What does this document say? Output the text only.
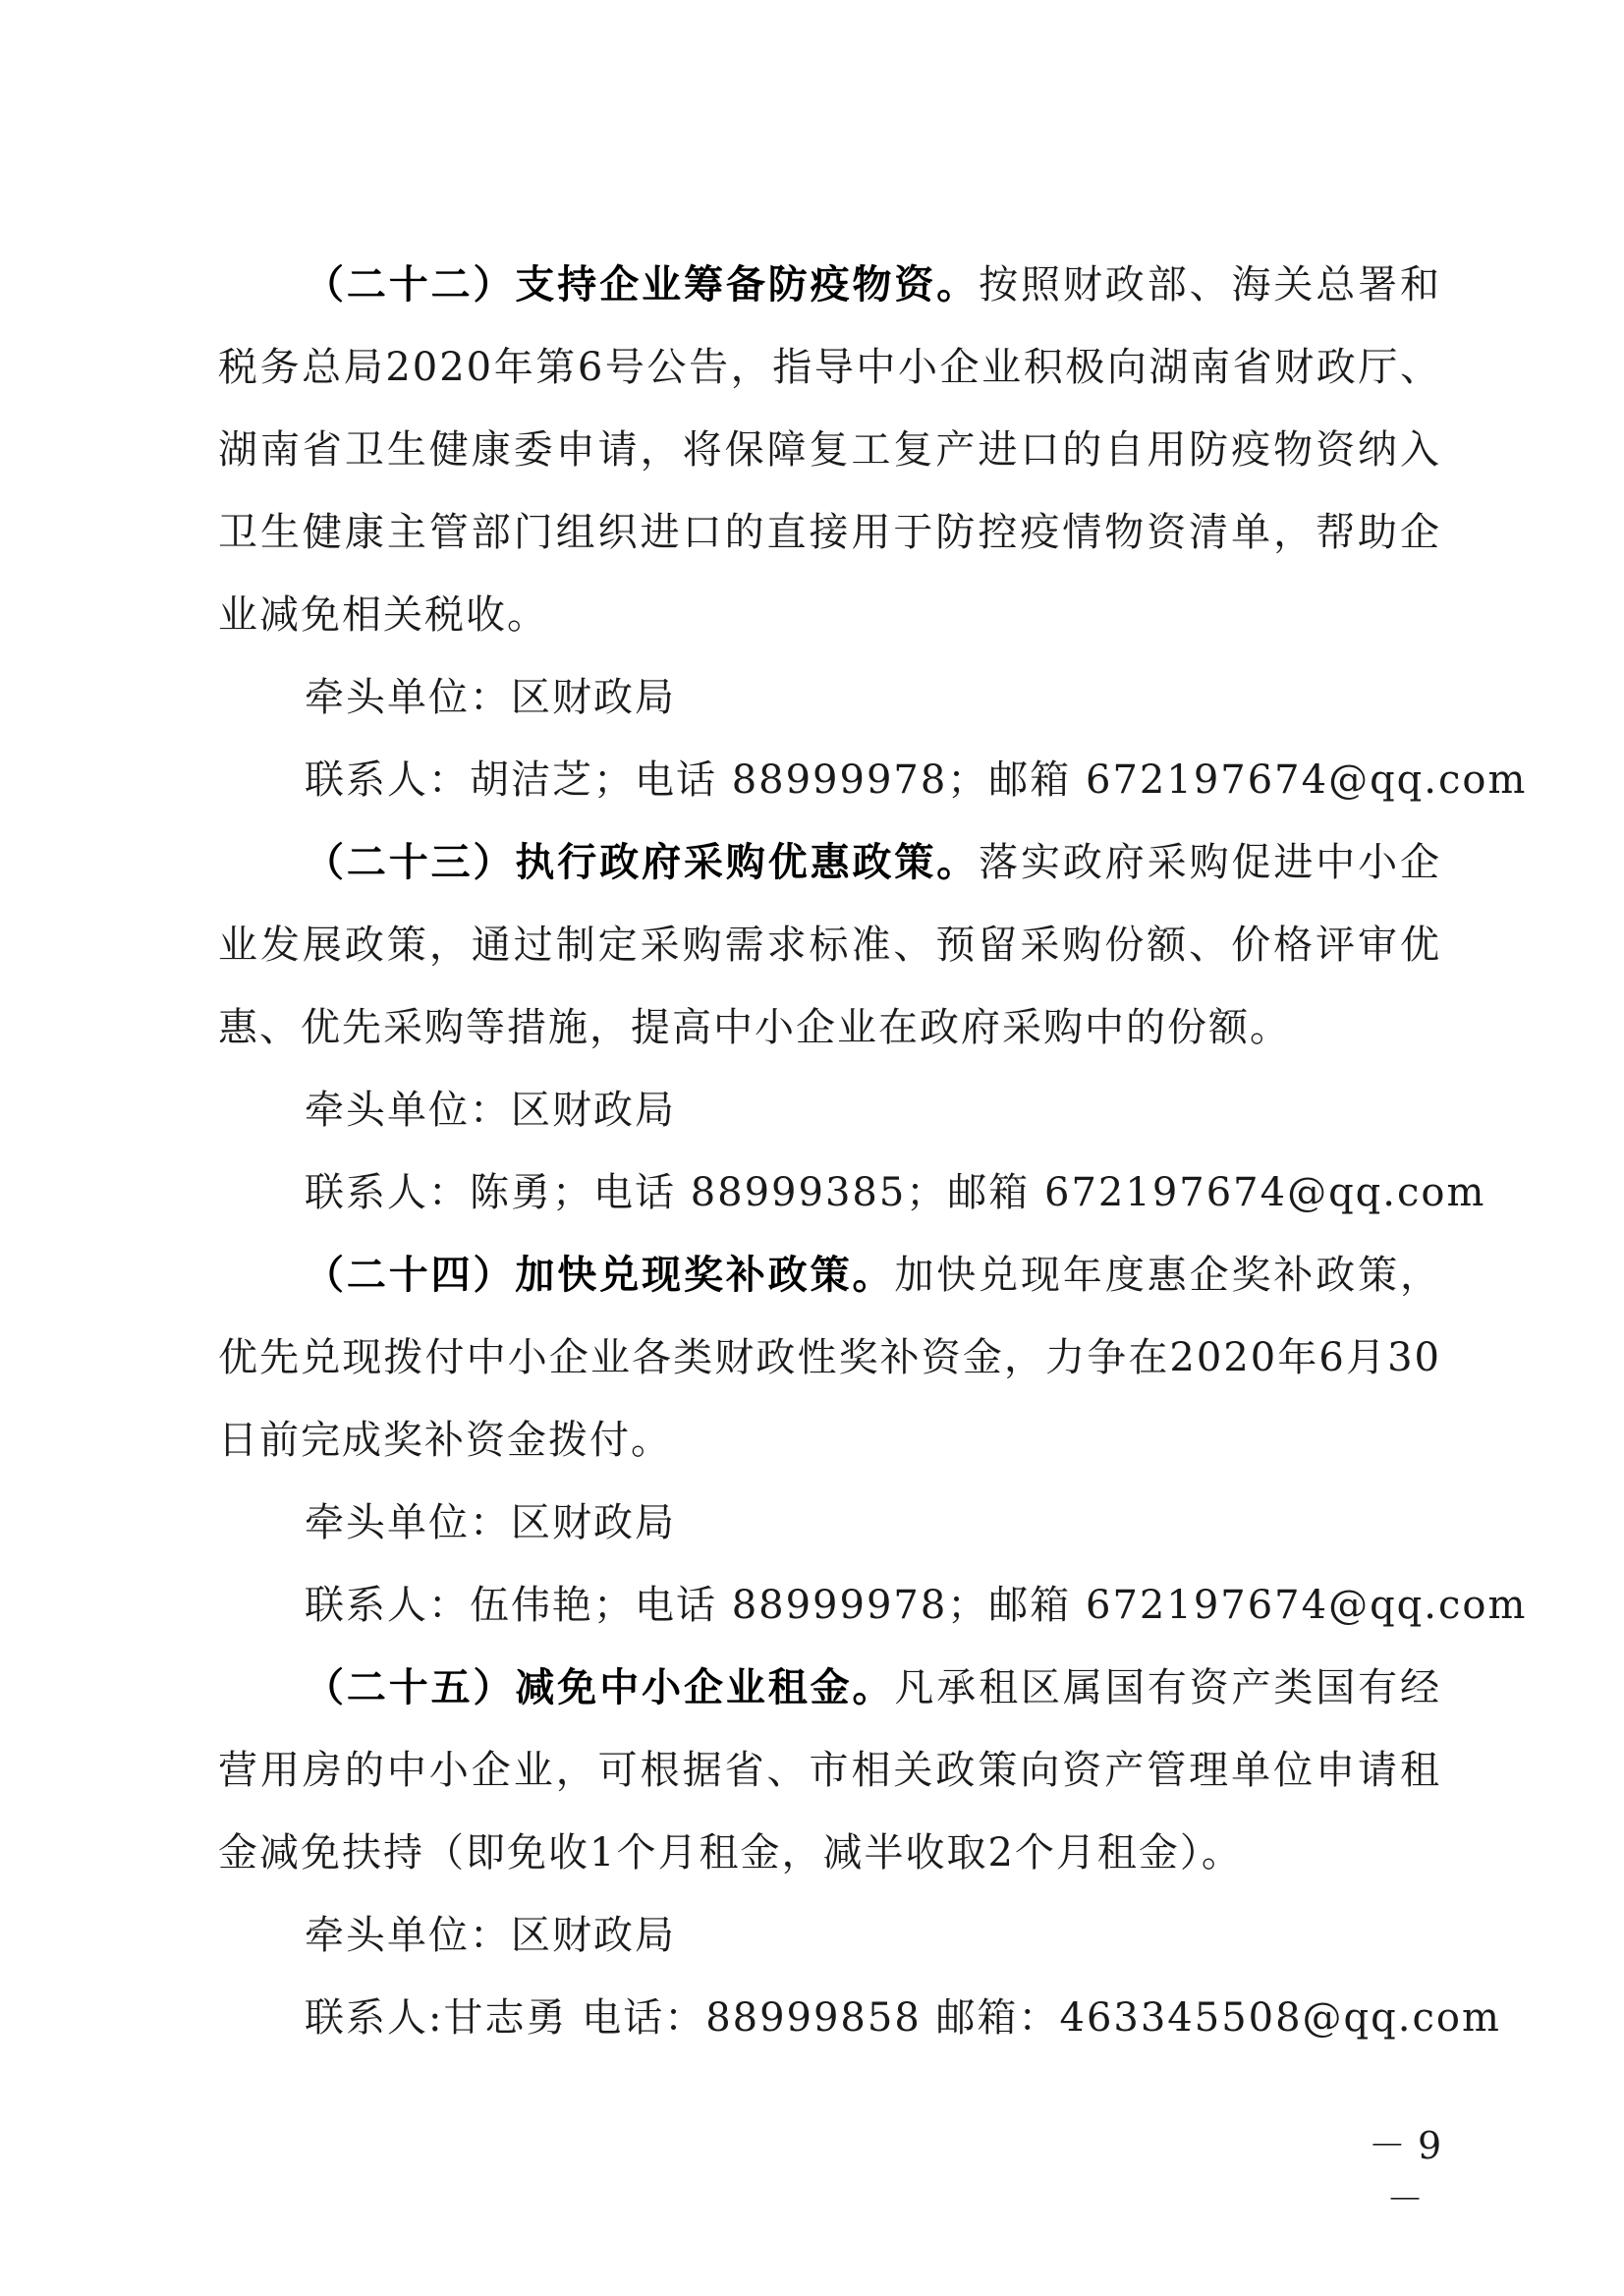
（二十二）支持企业筹备防疫物资。按照财政部、海关总署和税务总局2020年第6号公告，指导中小企业积极向湖南省财政厅、湖南省卫生健康委申请，将保障复工复产进口的自用防疫物资纳入卫生健康主管部门组织进口的直接用于防控疫情物资清单，帮助企业减免相关税收。

牵头单位：区财政局

联系人：胡洁芝；电话 88999978；邮箱 672197674@qq.com

（二十三）执行政府采购优惠政策。落实政府采购促进中小企业发展政策，通过制定采购需求标准、预留采购份额、价格评审优惠、优先采购等措施，提高中小企业在政府采购中的份额。

牵头单位：区财政局

联系人：陈勇；电话 88999385；邮箱 672197674@qq.com

（二十四）加快兑现奖补政策。加快兑现年度惠企奖补政策，优先兑现拨付中小企业各类财政性奖补资金，力争在2020年6月30日前完成奖补资金拨付。

牵头单位：区财政局

联系人：伍伟艳；电话 88999978；邮箱 672197674@qq.com

（二十五）减免中小企业租金。凡承租区属国有资产类国有经营用房的中小企业，可根据省、市相关政策向资产管理单位申请租金减免扶持（即免收1个月租金，减半收取2个月租金）。

牵头单位：区财政局

联系人:甘志勇 电话：88999858 邮箱：463345508@qq.com

－ 9 －
